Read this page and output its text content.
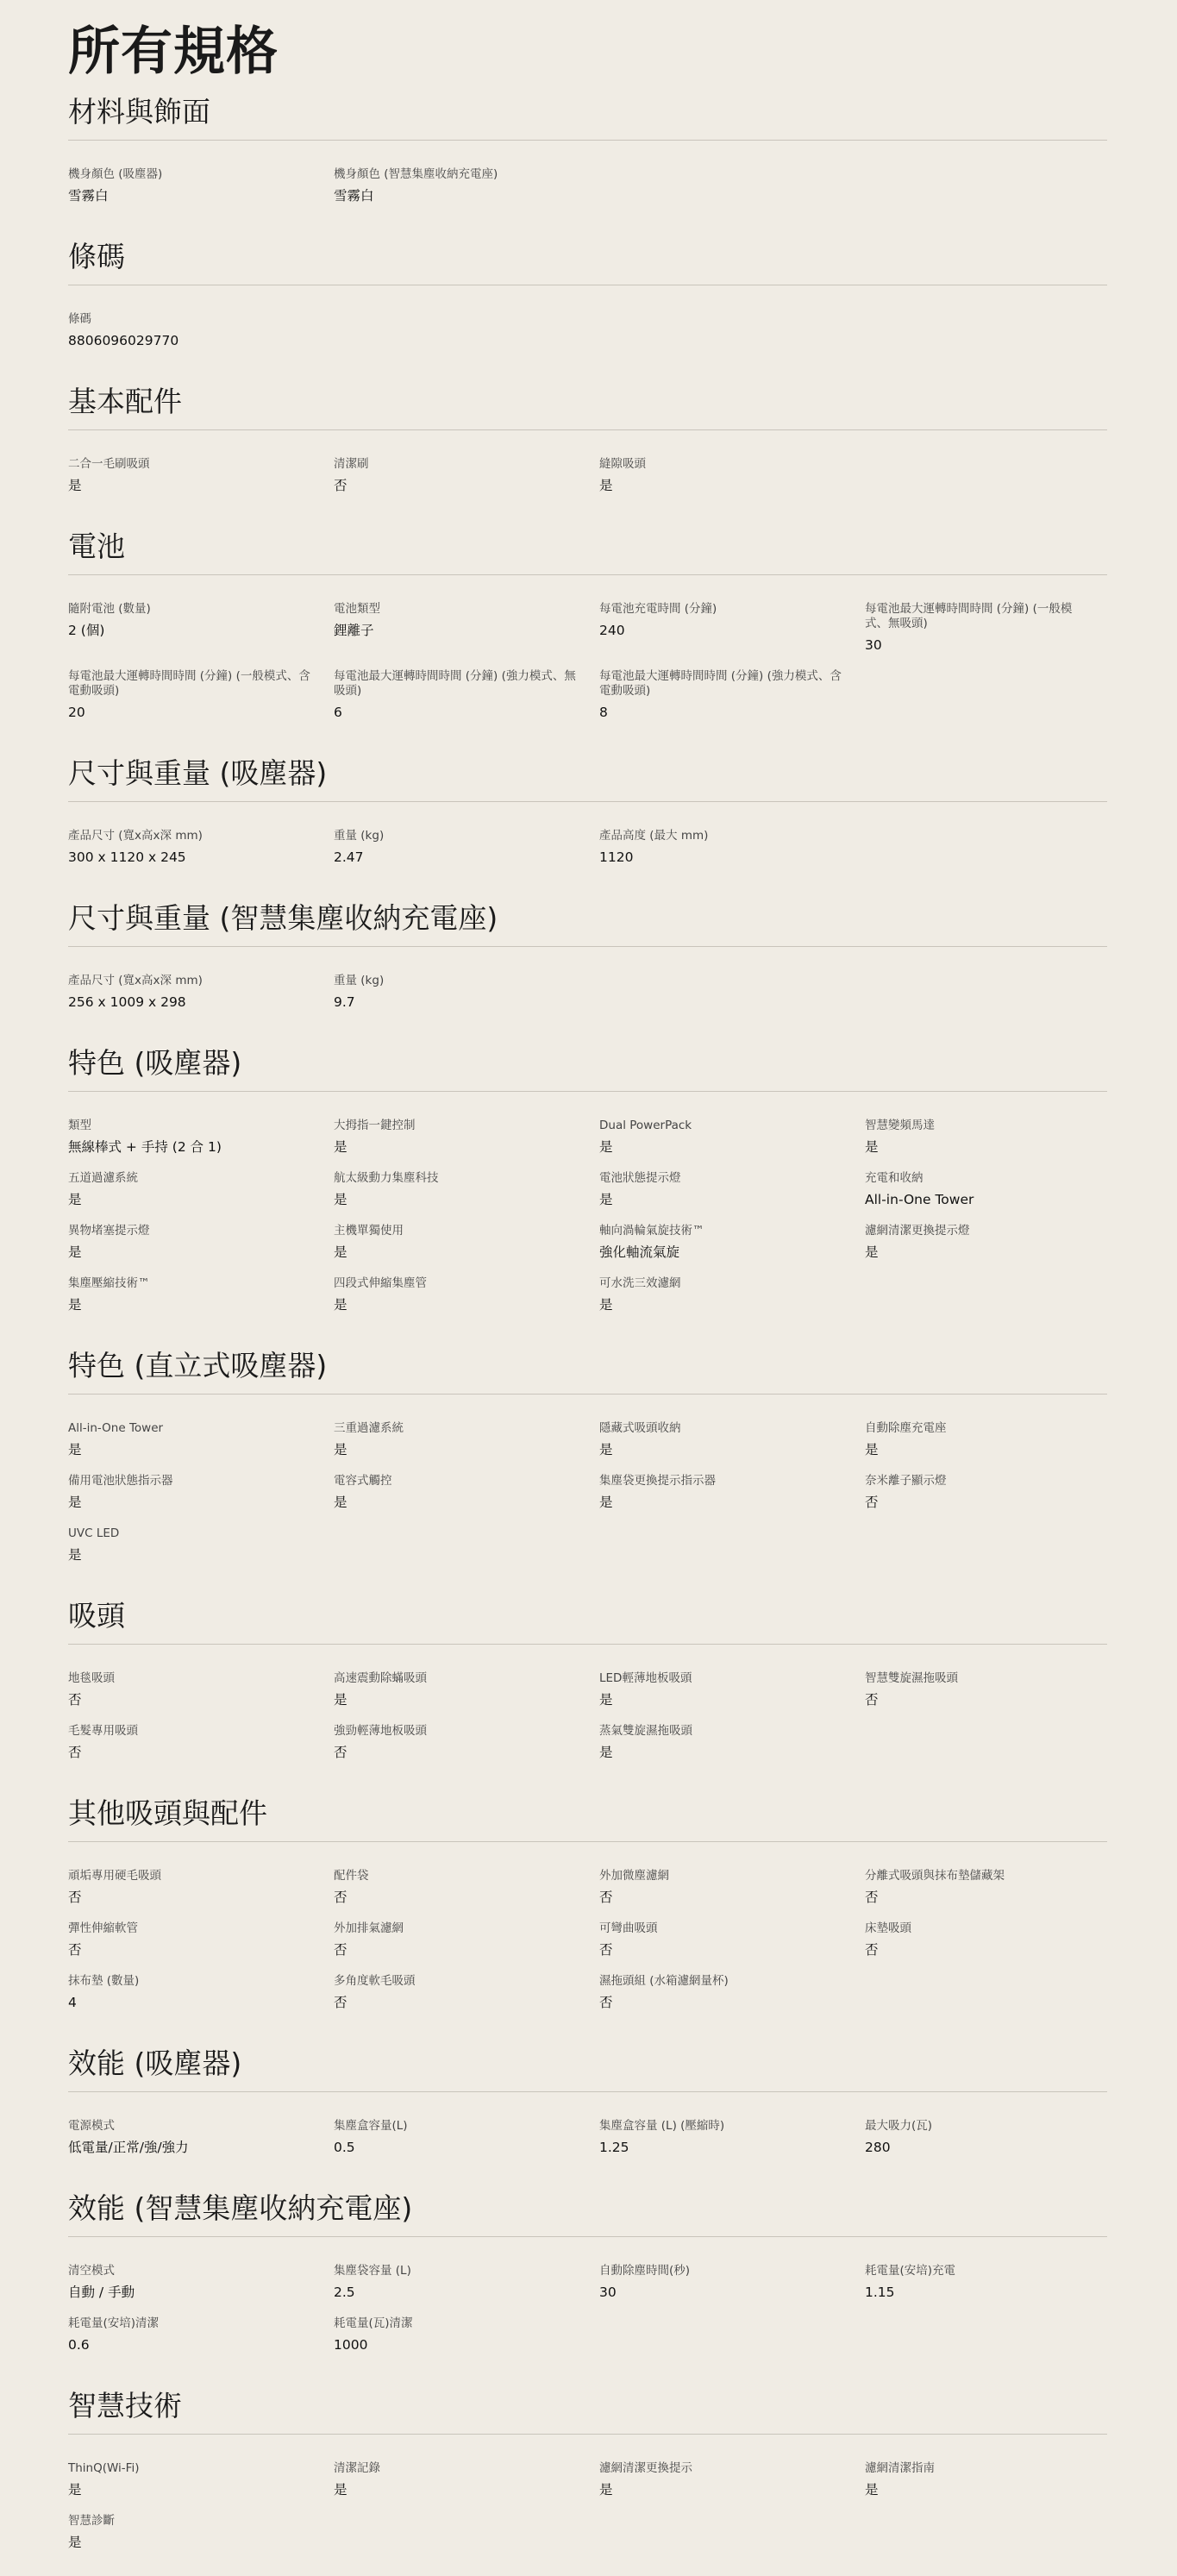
所有規格
材料與飾面
機身顏色 (吸塵器)
雪霧白
機身顏色 (智慧集塵收納充電座)
雪霧白
條碼
條碼
8806096029770
基本配件
二合一毛刷吸頭
是
清潔刷
否
縫隙吸頭
是
電池
隨附電池 (數量)
2 (個)
電池類型
鋰離子
每電池充電時間 (分鐘)
240
每電池最大運轉時間時間 (分鐘) (一般模式、無吸頭)
30
每電池最大運轉時間時間 (分鐘) (一般模式、含電動吸頭)
20
每電池最大運轉時間時間 (分鐘) (強力模式、無吸頭)
6
每電池最大運轉時間時間 (分鐘) (強力模式、含電動吸頭)
8
尺寸與重量 (吸塵器)
產品尺寸 (寬x高x深 mm)
300 x 1120 x 245
重量 (kg)
2.47
產品高度 (最大 mm)
1120
尺寸與重量 (智慧集塵收納充電座)
產品尺寸 (寬x高x深 mm)
256 x 1009 x 298
重量 (kg)
9.7
特色 (吸塵器)
類型
無線棒式 + 手持 (2 合 1)
大拇指一鍵控制
是
Dual PowerPack
是
智慧變頻馬達
是
五道過濾系統
是
航太級動力集塵科技
是
電池狀態提示燈
是
充電和收納
All-in-One Tower
異物堵塞提示燈
是
主機單獨使用
是
軸向渦輪氣旋技術™
強化軸流氣旋
濾網清潔更換提示燈
是
集塵壓縮技術™
是
四段式伸縮集塵管
是
可水洗三效濾網
是
特色 (直立式吸塵器)
All-in-One Tower
是
三重過濾系統
是
隱藏式吸頭收納
是
自動除塵充電座
是
備用電池狀態指示器
是
電容式觸控
是
集塵袋更換提示指示器
是
奈米離子顯示燈
否
UVC LED
是
吸頭
地毯吸頭
否
高速震動除蟎吸頭
是
LED輕薄地板吸頭
是
智慧雙旋濕拖吸頭
否
毛髮專用吸頭
否
強勁輕薄地板吸頭
否
蒸氣雙旋濕拖吸頭
是
其他吸頭與配件
頑垢專用硬毛吸頭
否
配件袋
否
外加微塵濾網
否
分離式吸頭與抹布墊儲藏架
否
彈性伸縮軟管
否
外加排氣濾網
否
可彎曲吸頭
否
床墊吸頭
否
抹布墊 (數量)
4
多角度軟毛吸頭
否
濕拖頭組 (水箱濾網量杯)
否
效能 (吸塵器)
電源模式
低電量/正常/強/強力
集塵盒容量(L)
0.5
集塵盒容量 (L) (壓縮時)
1.25
最大吸力(瓦)
280
效能 (智慧集塵收納充電座)
清空模式
自動 / 手動
集塵袋容量 (L)
2.5
自動除塵時間(秒)
30
耗電量(安培)充電
1.15
耗電量(安培)清潔
0.6
耗電量(瓦)清潔
1000
智慧技術
ThinQ(Wi-Fi)
是
清潔記錄
是
濾網清潔更換提示
是
濾網清潔指南
是
智慧診斷
是
